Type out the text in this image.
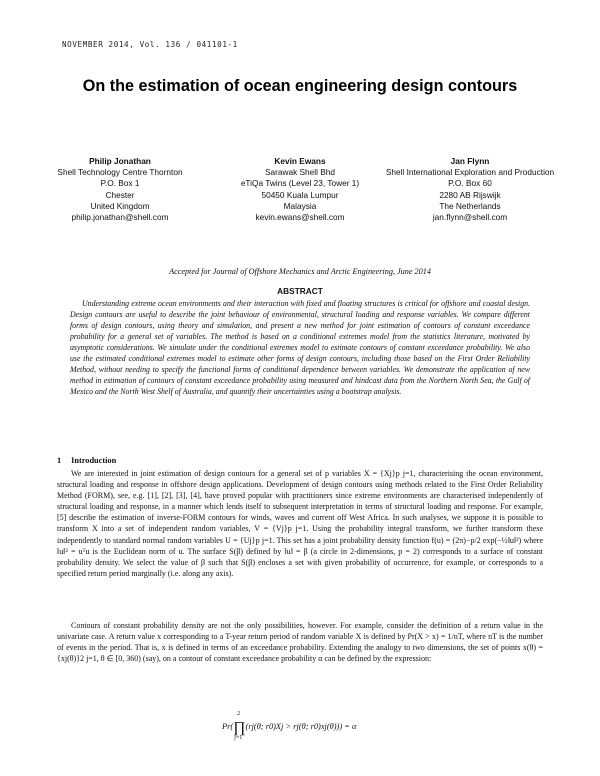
NOVEMBER 2014, Vol. 136 / 041101-1
On the estimation of ocean engineering design contours
Philip Jonathan
Shell Technology Centre Thornton
P.O. Box 1
Chester
United Kingdom
philip.jonathan@shell.com
Kevin Ewans
Sarawak Shell Bhd
eTiQa Twins (Level 23, Tower 1)
50450 Kuala Lumpur
Malaysia
kevin.ewans@shell.com
Jan Flynn
Shell International Exploration and Production
P.O. Box 60
2280 AB Rijswijk
The Netherlands
jan.flynn@shell.com
Accepted for Journal of Offshore Mechanics and Arctic Engineering, June 2014
ABSTRACT

Understanding extreme ocean environments and their interaction with fixed and floating structures is critical for offshore and coastal design. Design contours are useful to describe the joint behaviour of environmental, structural loading and response variables. We compare different forms of design contours, using theory and simulation, and present a new method for joint estimation of contours of constant exceedance probability for a general set of variables. The method is based on a conditional extremes model from the statistics literature, motivated by asymptotic considerations. We simulate under the conditional extremes model to estimate contours of constant exceedance probability. We also use the estimated conditional extremes model to estimate other forms of design contours, including those based on the First Order Reliability Method, without needing to specify the functional forms of conditional dependence between variables. We demonstrate the application of new method in estimation of contours of constant exceedance probability using measured and hindcast data from the Northern North Sea, the Gulf of Mexico and the North West Shelf of Australia, and quantify their uncertainties using a bootstrap analysis.

1 Introduction

We are interested in joint estimation of design contours for a general set of p variables X = {Xj}p j=1, characterising the ocean environment, structural loading and response in offshore design applications. Development of design contours using methods related to the First Order Reliability Method (FORM), see, e.g. [1], [2], [3], [4], have proved popular with practitioners since extreme environments are characterised independently of structural loading and response, in a manner which lends itself to subsequent interpretation in terms of structural loading and response. For example, [5] describe the estimation of inverse-FORM contours for winds, waves and current off West Africa. In such analyses, we suppose it is possible to transform X into a set of independent random variables, V = {Vj}p j=1. Using the probability integral transform, we further transform these independently to standard normal random variables U = {Uj}p j=1. This set has a joint probability density function f(u) = (2π)−p/2 exp(−½‖u‖²) where ‖u‖² = uᵀu is the Euclidean norm of u. The surface S(β) defined by ‖u‖ = β (a circle in 2-dimensions, p = 2) corresponds to a surface of constant probability density. We select the value of β such that S(β) encloses a set with given probability of occurrence, for example, or corresponds to a specified return period marginally (i.e. along any axis).

Contours of constant probability density are not the only possibilities, however. For example, consider the definition of a return value in the univariate case. A return value x corresponding to a T-year return period of random variable X is defined by Pr(X > x) = 1/nT, where nT is the number of events in the period. That is, x is defined in terms of an exceedance probability. Extending the analogy to two dimensions, the set of points x(θ) = {xj(θ)}2 j=1, θ ∈ [0, 360) (say), on a contour of constant exceedance probability α can be defined by the expression:

Pr(
2
∏
j=1
(rj(θ; r0)Xj > rj(θ; r0)xj(θ))) = α
